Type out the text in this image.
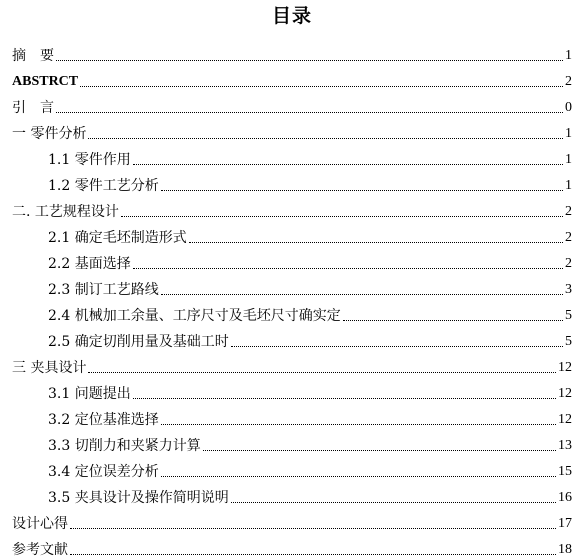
目录
摘　要	1
ABSTRCT	2
引　言	0
一 零件分析	1
1.1 零件作用	1
1.2 零件工艺分析	1
二. 工艺规程设计	2
2.1 确定毛坯制造形式	2
2.2 基面选择	2
2.3 制订工艺路线	3
2.4 机械加工余量、工序尺寸及毛坯尺寸确实定	5
2.5 确定切削用量及基础工时	5
三 夹具设计	12
3.1 问题提出	12
3.2 定位基准选择	12
3.3 切削力和夹紧力计算	13
3.4 定位误差分析	15
3.5 夹具设计及操作简明说明	16
设计心得	17
参考文献	18
